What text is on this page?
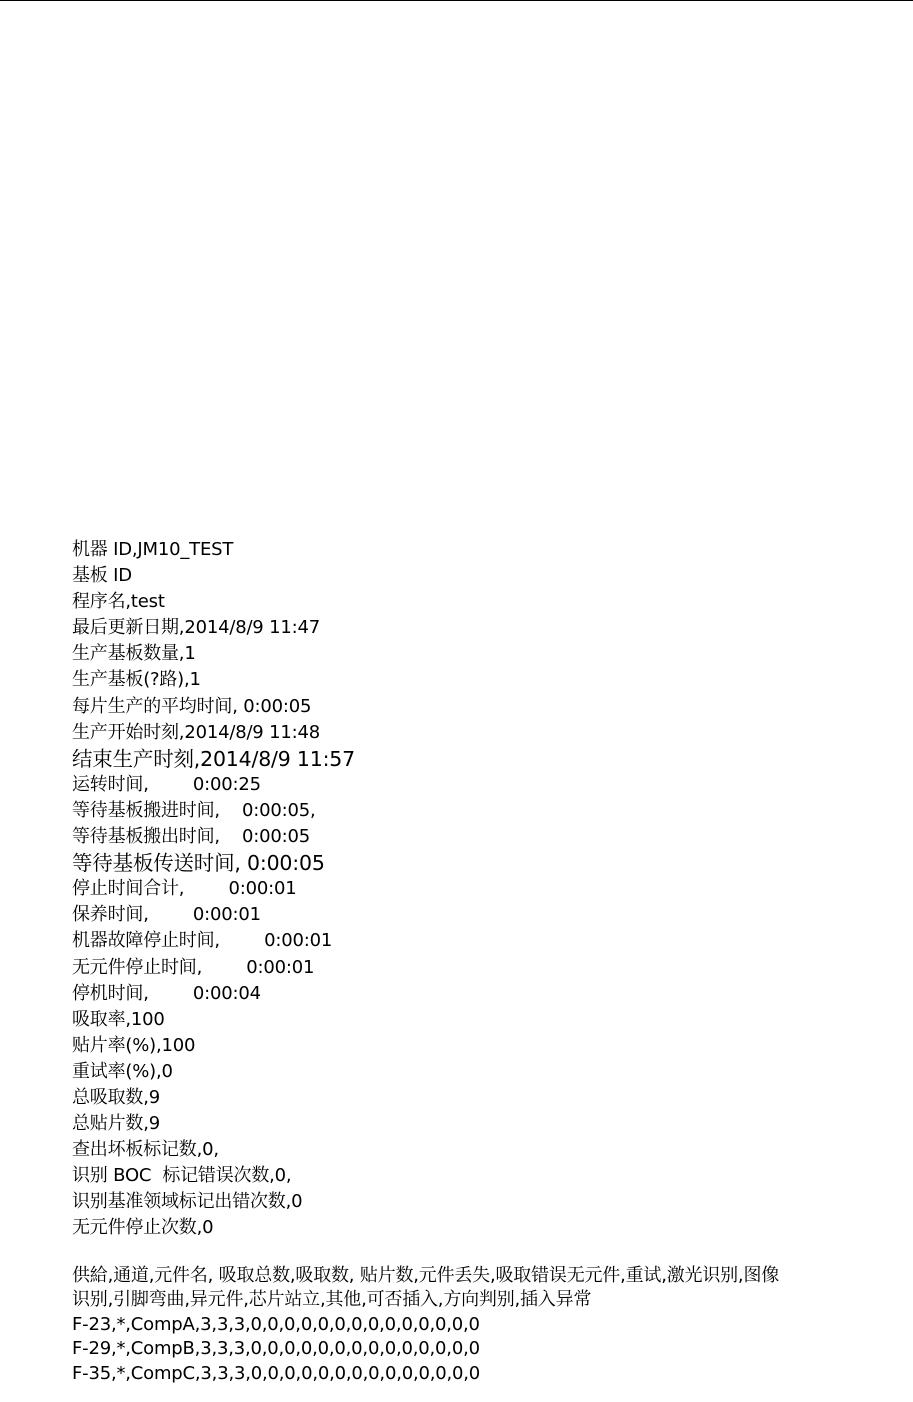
机器 ID,JM10_TEST
基板 ID
程序名,test
最后更新日期,2014/8/9 11:47
生产基板数量,1
生产基板(?路),1
每片生产的平均时间, 0:00:05
生产开始时刻,2014/8/9 11:48
结束生产时刻,2014/8/9 11:57
运转时间,        0:00:25
等待基板搬进时间,    0:00:05,
等待基板搬出时间,    0:00:05
等待基板传送时间, 0:00:05
停止时间合计,        0:00:01
保养时间,        0:00:01
机器故障停止时间,        0:00:01
无元件停止时间,        0:00:01
停机时间,        0:00:04
吸取率,100
贴片率(%),100
重试率(%),0
总吸取数,9
总贴片数,9
查出坏板标记数,0,
识别 BOC  标记错误次数,0,
识别基准领域标记出错次数,0
无元件停止次数,0
供給,通道,元件名, 吸取总数,吸取数, 贴片数,元件丢失,吸取错误无元件,重试,激光识别,图像
识别,引脚弯曲,异元件,芯片站立,其他,可否插入,方向判别,插入异常
F-23,*,CompA,3,3,3,0,0,0,0,0,0,0,0,0,0,0,0,0,0
F-29,*,CompB,3,3,3,0,0,0,0,0,0,0,0,0,0,0,0,0,0
F-35,*,CompC,3,3,3,0,0,0,0,0,0,0,0,0,0,0,0,0,0
